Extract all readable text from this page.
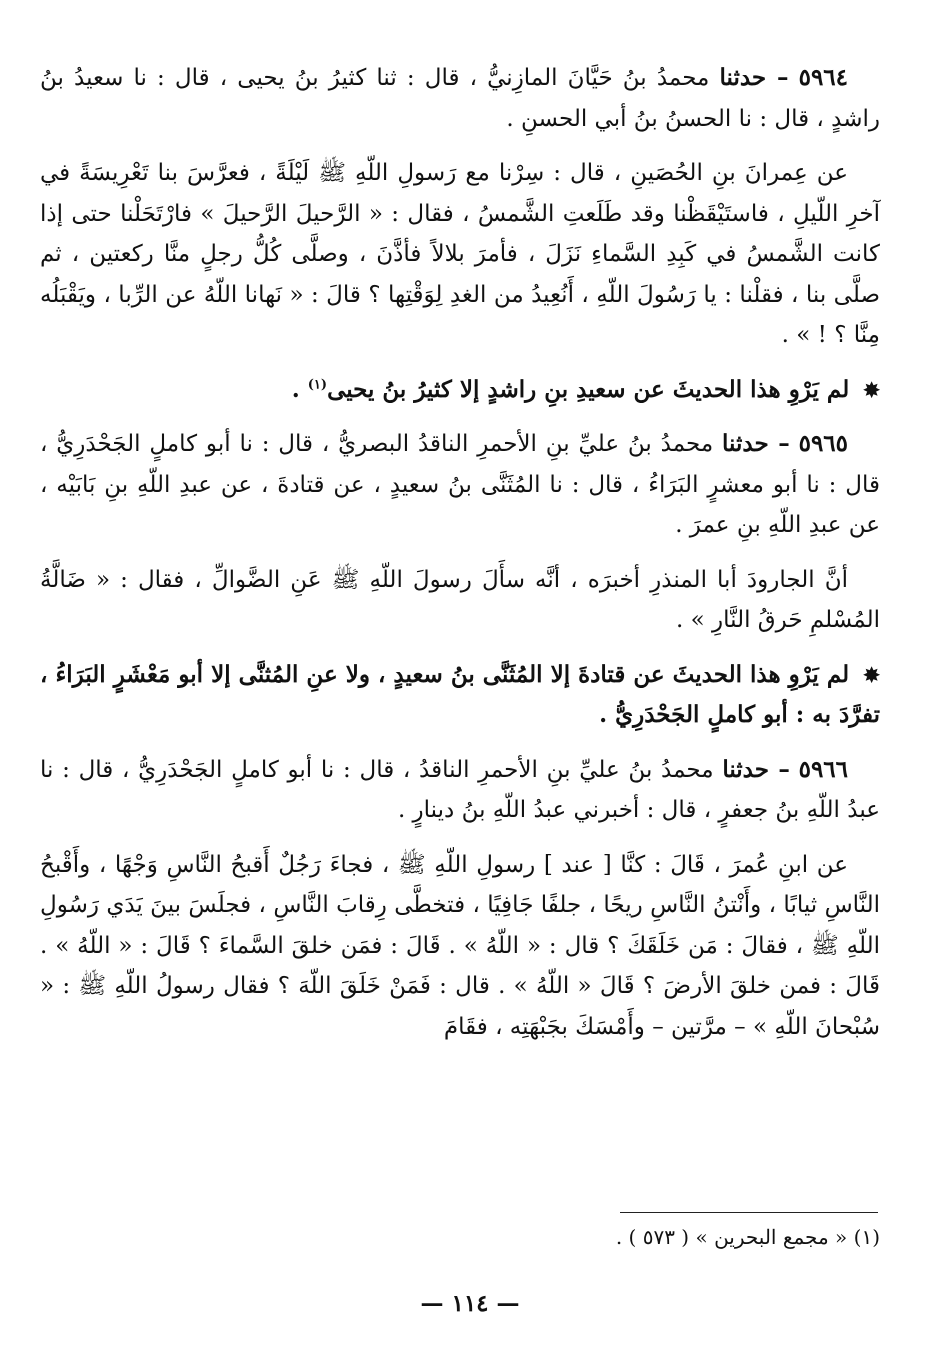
٥٩٦٤ – حدثنا محمدُ بنُ حَيَّانَ المازِنيُّ ، قال : ثنا كثيرُ بنُ يحيى ، قال : نا سعيدُ بنُ راشدٍ ، قال : نا الحسنُ بنُ أبي الحسنِ .

عن عِمرانَ بنِ الحُصَينِ ، قال : سِرْنا مع رَسولِ اللّهِ ﷺ لَيْلَةً ، فعرَّسَ بنا تَعْرِيسَةً في آخرِ اللّيلِ ، فاستَيْقَظْنا وقد طَلَعتِ الشَّمسُ ، فقال : « الرَّحيلَ الرَّحيلَ » فارْتَحَلْنا حتى إذا كانت الشَّمسُ في كَبِدِ السَّماءِ نَزَلَ ، فأمرَ بلالاً فأذَّنَ ، وصلَّى كُلُّ رجلٍ منَّا ركعتين ، ثم صلَّى بنا ، فقلْنا : يا رَسُولَ اللّهِ ، أَنُعِيدُ من الغدِ لِوَقْتِها ؟ قالَ : « نَهانا اللّهُ عن الرِّبا ، ويَقْبَلُه مِنَّا ؟ ! » .

✸ لم يَرْوِ هذا الحديثَ عن سعيدِ بنِ راشدٍ إلا كثيرُ بنُ يحيى$^{(١)}$ .

٥٩٦٥ – حدثنا محمدُ بنُ عليِّ بنِ الأحمرِ الناقدُ البصريُّ ، قال : نا أبو كاملٍ الجَحْدَرِيُّ ، قال : نا أبو معشرٍ البَرَاءُ ، قال : نا المُثَنَّى بنُ سعيدٍ ، عن قتادةَ ، عن عبدِ اللّهِ بنِ بَابَيْه ، عن عبدِ اللّهِ بنِ عمرَ .

أنَّ الجارودَ أبا المنذرِ أخبرَه ، أنَّه سأَلَ رسولَ اللّهِ ﷺ عَنِ الضَّوالِّ ، فقال : « ضَالَّةُ المُسْلمِ حَرقُ النَّارِ » .

✸ لم يَرْوِ هذا الحديثَ عن قتادةَ إلا المُثَنَّى بنُ سعيدٍ ، ولا عنِ المُثنَّى إلا أبو مَعْشَرٍ البَرَاءُ ، تفرَّدَ به : أبو كاملٍ الجَحْدَرِيُّ .

٥٩٦٦ – حدثنا محمدُ بنُ عليِّ بنِ الأحمرِ الناقدُ ، قال : نا أبو كاملٍ الجَحْدَرِيُّ ، قال : نا عبدُ اللّهِ بنُ جعفرٍ ، قال : أخبرني عبدُ اللّهِ بنُ دينارٍ .

عن ابنِ عُمرَ ، قَالَ : كنَّا [ عند ] رسولِ اللّهِ ﷺ ، فجاءَ رَجُلٌ أَقبحُ النَّاسِ وَجْهًا ، وأَقْبحُ النَّاسِ ثيابًا ، وأَنْتنُ النَّاسِ ريحًا ، جلفًا جَافِيًا ، فتخطَّى رِقابَ النَّاسِ ، فجلَسَ بينَ يَدَي رَسُولِ اللّهِ ﷺ ، فقالَ : مَن خَلَقَكَ ؟ قال : « اللّهُ » . قَالَ : فمَن خلقَ السَّماءَ ؟ قَالَ : « اللّهُ » . قَالَ : فمن خلقَ الأرضَ ؟ قَالَ « اللّهُ » . قال : فَمَنْ خَلَقَ اللّهَ ؟ فقال رسولُ اللّهِ ﷺ : « سُبْحانَ اللّهِ » – مرَّتين – وأَمْسَكَ بجَبْهَتِه ، فقَامَ

(١) « مجمع البحرين » ( ٥٧٣ ) .
— ١١٤ —
